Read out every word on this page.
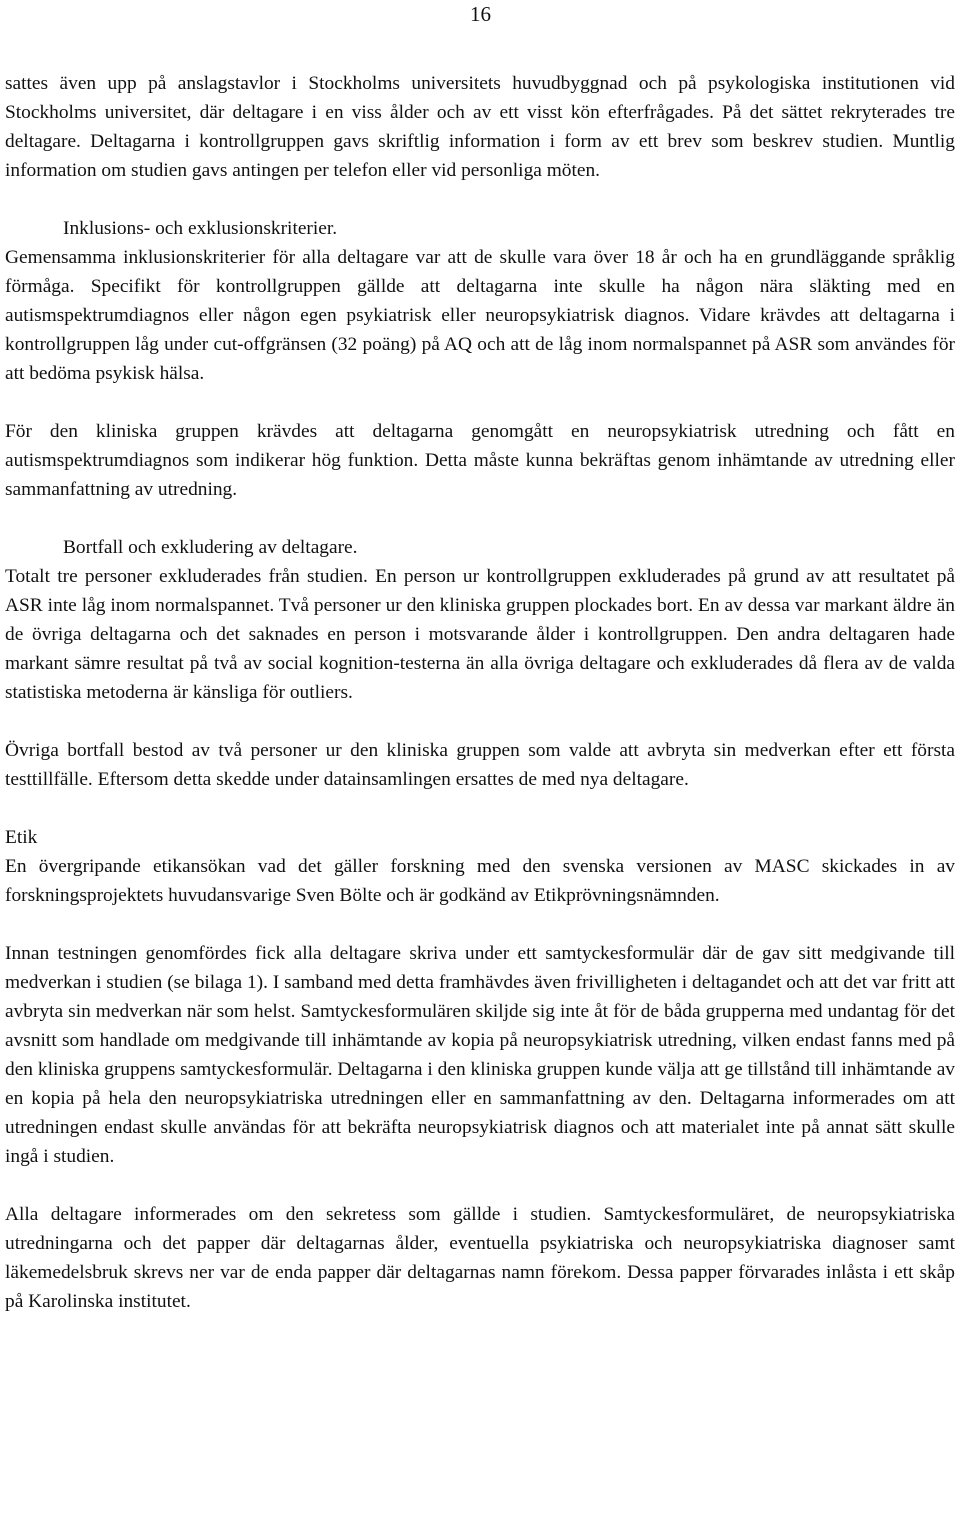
16

sattes även upp på anslagstavlor i Stockholms universitets huvudbyggnad och på psykologiska institutionen vid Stockholms universitet, där deltagare i en viss ålder och av ett visst kön efterfrågades. På det sättet rekryterades tre deltagare. Deltagarna i kontrollgruppen gavs skriftlig information i form av ett brev som beskrev studien. Muntlig information om studien gavs antingen per telefon eller vid personliga möten.

Inklusions- och exklusionskriterier.

Gemensamma inklusionskriterier för alla deltagare var att de skulle vara över 18 år och ha en grundläggande språklig förmåga. Specifikt för kontrollgruppen gällde att deltagarna inte skulle ha någon nära släkting med en autismspektrumdiagnos eller någon egen psykiatrisk eller neuropsykiatrisk diagnos. Vidare krävdes att deltagarna i kontrollgruppen låg under cut-offgränsen (32 poäng) på AQ och att de låg inom normalspannet på ASR som användes för att bedöma psykisk hälsa.

För den kliniska gruppen krävdes att deltagarna genomgått en neuropsykiatrisk utredning och fått en autismspektrumdiagnos som indikerar hög funktion. Detta måste kunna bekräftas genom inhämtande av utredning eller sammanfattning av utredning.

Bortfall och exkludering av deltagare.

Totalt tre personer exkluderades från studien. En person ur kontrollgruppen exkluderades på grund av att resultatet på ASR inte låg inom normalspannet. Två personer ur den kliniska gruppen plockades bort. En av dessa var markant äldre än de övriga deltagarna och det saknades en person i motsvarande ålder i kontrollgruppen. Den andra deltagaren hade markant sämre resultat på två av social kognition-testerna än alla övriga deltagare och exkluderades då flera av de valda statistiska metoderna är känsliga för outliers.

Övriga bortfall bestod av två personer ur den kliniska gruppen som valde att avbryta sin medverkan efter ett första testtillfälle. Eftersom detta skedde under datainsamlingen ersattes de med nya deltagare.

Etik

En övergripande etikansökan vad det gäller forskning med den svenska versionen av MASC skickades in av forskningsprojektets huvudansvarige Sven Bölte och är godkänd av Etikprövningsnämnden.

Innan testningen genomfördes fick alla deltagare skriva under ett samtyckesformulär där de gav sitt medgivande till medverkan i studien (se bilaga 1). I samband med detta framhävdes även frivilligheten i deltagandet och att det var fritt att avbryta sin medverkan när som helst. Samtyckesformulären skiljde sig inte åt för de båda grupperna med undantag för det avsnitt som handlade om medgivande till inhämtande av kopia på neuropsykiatrisk utredning, vilken endast fanns med på den kliniska gruppens samtyckesformulär. Deltagarna i den kliniska gruppen kunde välja att ge tillstånd till inhämtande av en kopia på hela den neuropsykiatriska utredningen eller en sammanfattning av den. Deltagarna informerades om att utredningen endast skulle användas för att bekräfta neuropsykiatrisk diagnos och att materialet inte på annat sätt skulle ingå i studien.

Alla deltagare informerades om den sekretess som gällde i studien. Samtyckesformuläret, de neuropsykiatriska utredningarna och det papper där deltagarnas ålder, eventuella psykiatriska och neuropsykiatriska diagnoser samt läkemedelsbruk skrevs ner var de enda papper där deltagarnas namn förekom. Dessa papper förvarades inlåsta i ett skåp på Karolinska institutet.
